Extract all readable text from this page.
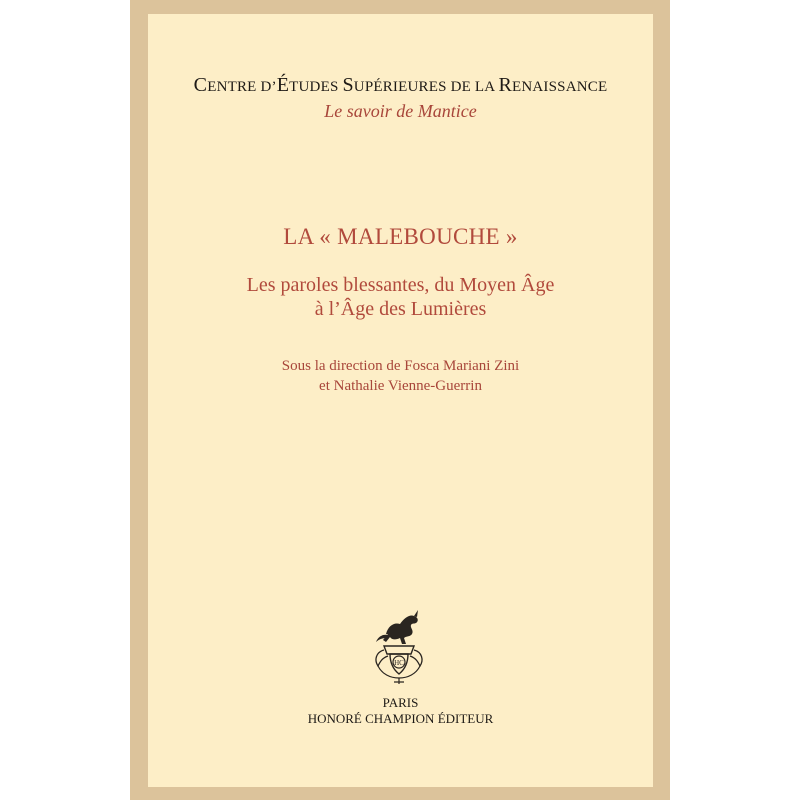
CENTRE D’ÉTUDES SUPÉRIEURES DE LA RENAISSANCE
Le savoir de Mantice
LA « MALEBOUCHE »
Les paroles blessantes, du Moyen Âge
à l’Âge des Lumières
Sous la direction de Fosca Mariani Zini
et Nathalie Vienne-Guerrin
HC
PARIS
HONORÉ CHAMPION ÉDITEUR
